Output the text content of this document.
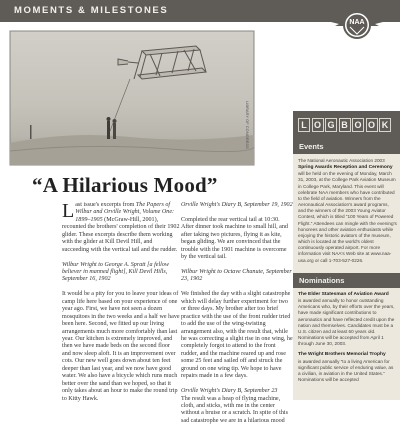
MOMENTS & MILESTONES
NAA
LIBRARY OF CONGRESS
“A Hilarious Mood”

Last issue's excerpts from The Papers of Wilbur and Orville Wright, Volume One: 1899–1905 (McGraw-Hill, 2001), recounted the brothers' completion of their 1902 glider. These excerpts describe them working with the glider at Kill Devil Hill, and succeeding with the vertical tail and the rudder.

Wilbur Wright to George A. Spratt [a fellow believer in manned flight], Kill Devil Hills, September 16, 1902

It would be a pity for you to leave your ideas of camp life here based on your experience of one year ago. First, we have not seen a dozen mosquitoes in the two weeks and a half we have been here. Second, we fitted up our living arrangements much more comfortably than last year. Our kitchen is extremely improved, and then we have made beds on the second floor and now sleep aloft. It is an improvement over cots. Our new well goes down about ten feet deeper than last year, and we now have good water. We also have a bicycle which runs much better over the sand than we hoped, so that it only takes about an hour to make the round trip to Kitty Hawk.

Orville Wright's Diary B, September 19, 1902

Completed the rear vertical tail at 10:30. After dinner took machine to small hill, and after taking two pictures, flying it as kite, began gliding. We are convinced that the trouble with the 1901 machine is overcome by the vertical tail.

Wilbur Wright to Octave Chanute, September 23, 1902

We finished the day with a slight catastrophe which will delay further experiment for two or three days. My brother after too brief practice with the use of the front rudder tried to add the use of the wing-twisting arrangement also, with the result that, while he was correcting a slight rise in one wing, he completely forgot to attend to the front rudder, and the machine reared up and rose some 25 feet and sailed off and struck the ground on one wing tip. We hope to have repairs made in a few days.

Orville Wright's Diary B, September 23
The result was a heap of flying machine, cloth, and sticks, with me in the center without a bruise or a scratch. In spite of this sad catastrophe we are in a hilarious mood

L O G B O O K
Events

The National Aeronautic Association 2003 Spring Awards Reception and Ceremony will be held on the evening of Monday, March 31, 2003, at the College Park Aviation Museum in College Park, Maryland. This event will celebrate NAA members who have contributed to the field of aviation. Winners from the Aeronautical Association's award programs, and the winners of the 2003 Young Aviator Contest, which is titled “100 Years of Powered Flight.” Attendees can mingle with the evening's honorees and other aviation enthusiasts while enjoying the historic aviators of the museum, which is located at the world's oldest continuously operated airport. For more information visit NAA's Web site at www.naa-usa.org or call 1-703-527-0226.

Nominations

The Elder Statesman of Aviation Award
is awarded annually to honor outstanding Americans who, by their efforts over the years, have made significant contributions to aeronautics and have reflected credit upon the nation and themselves. Candidates must be a U.S. citizen and at least 60 years old. Nominations will be accepted from April 1 through June 30, 2003.

The Wright Brothers Memorial Trophy
is awarded annually “to a living American for significant public service of enduring value, as a civilian, in aviation in the United States.” Nominations will be accepted
